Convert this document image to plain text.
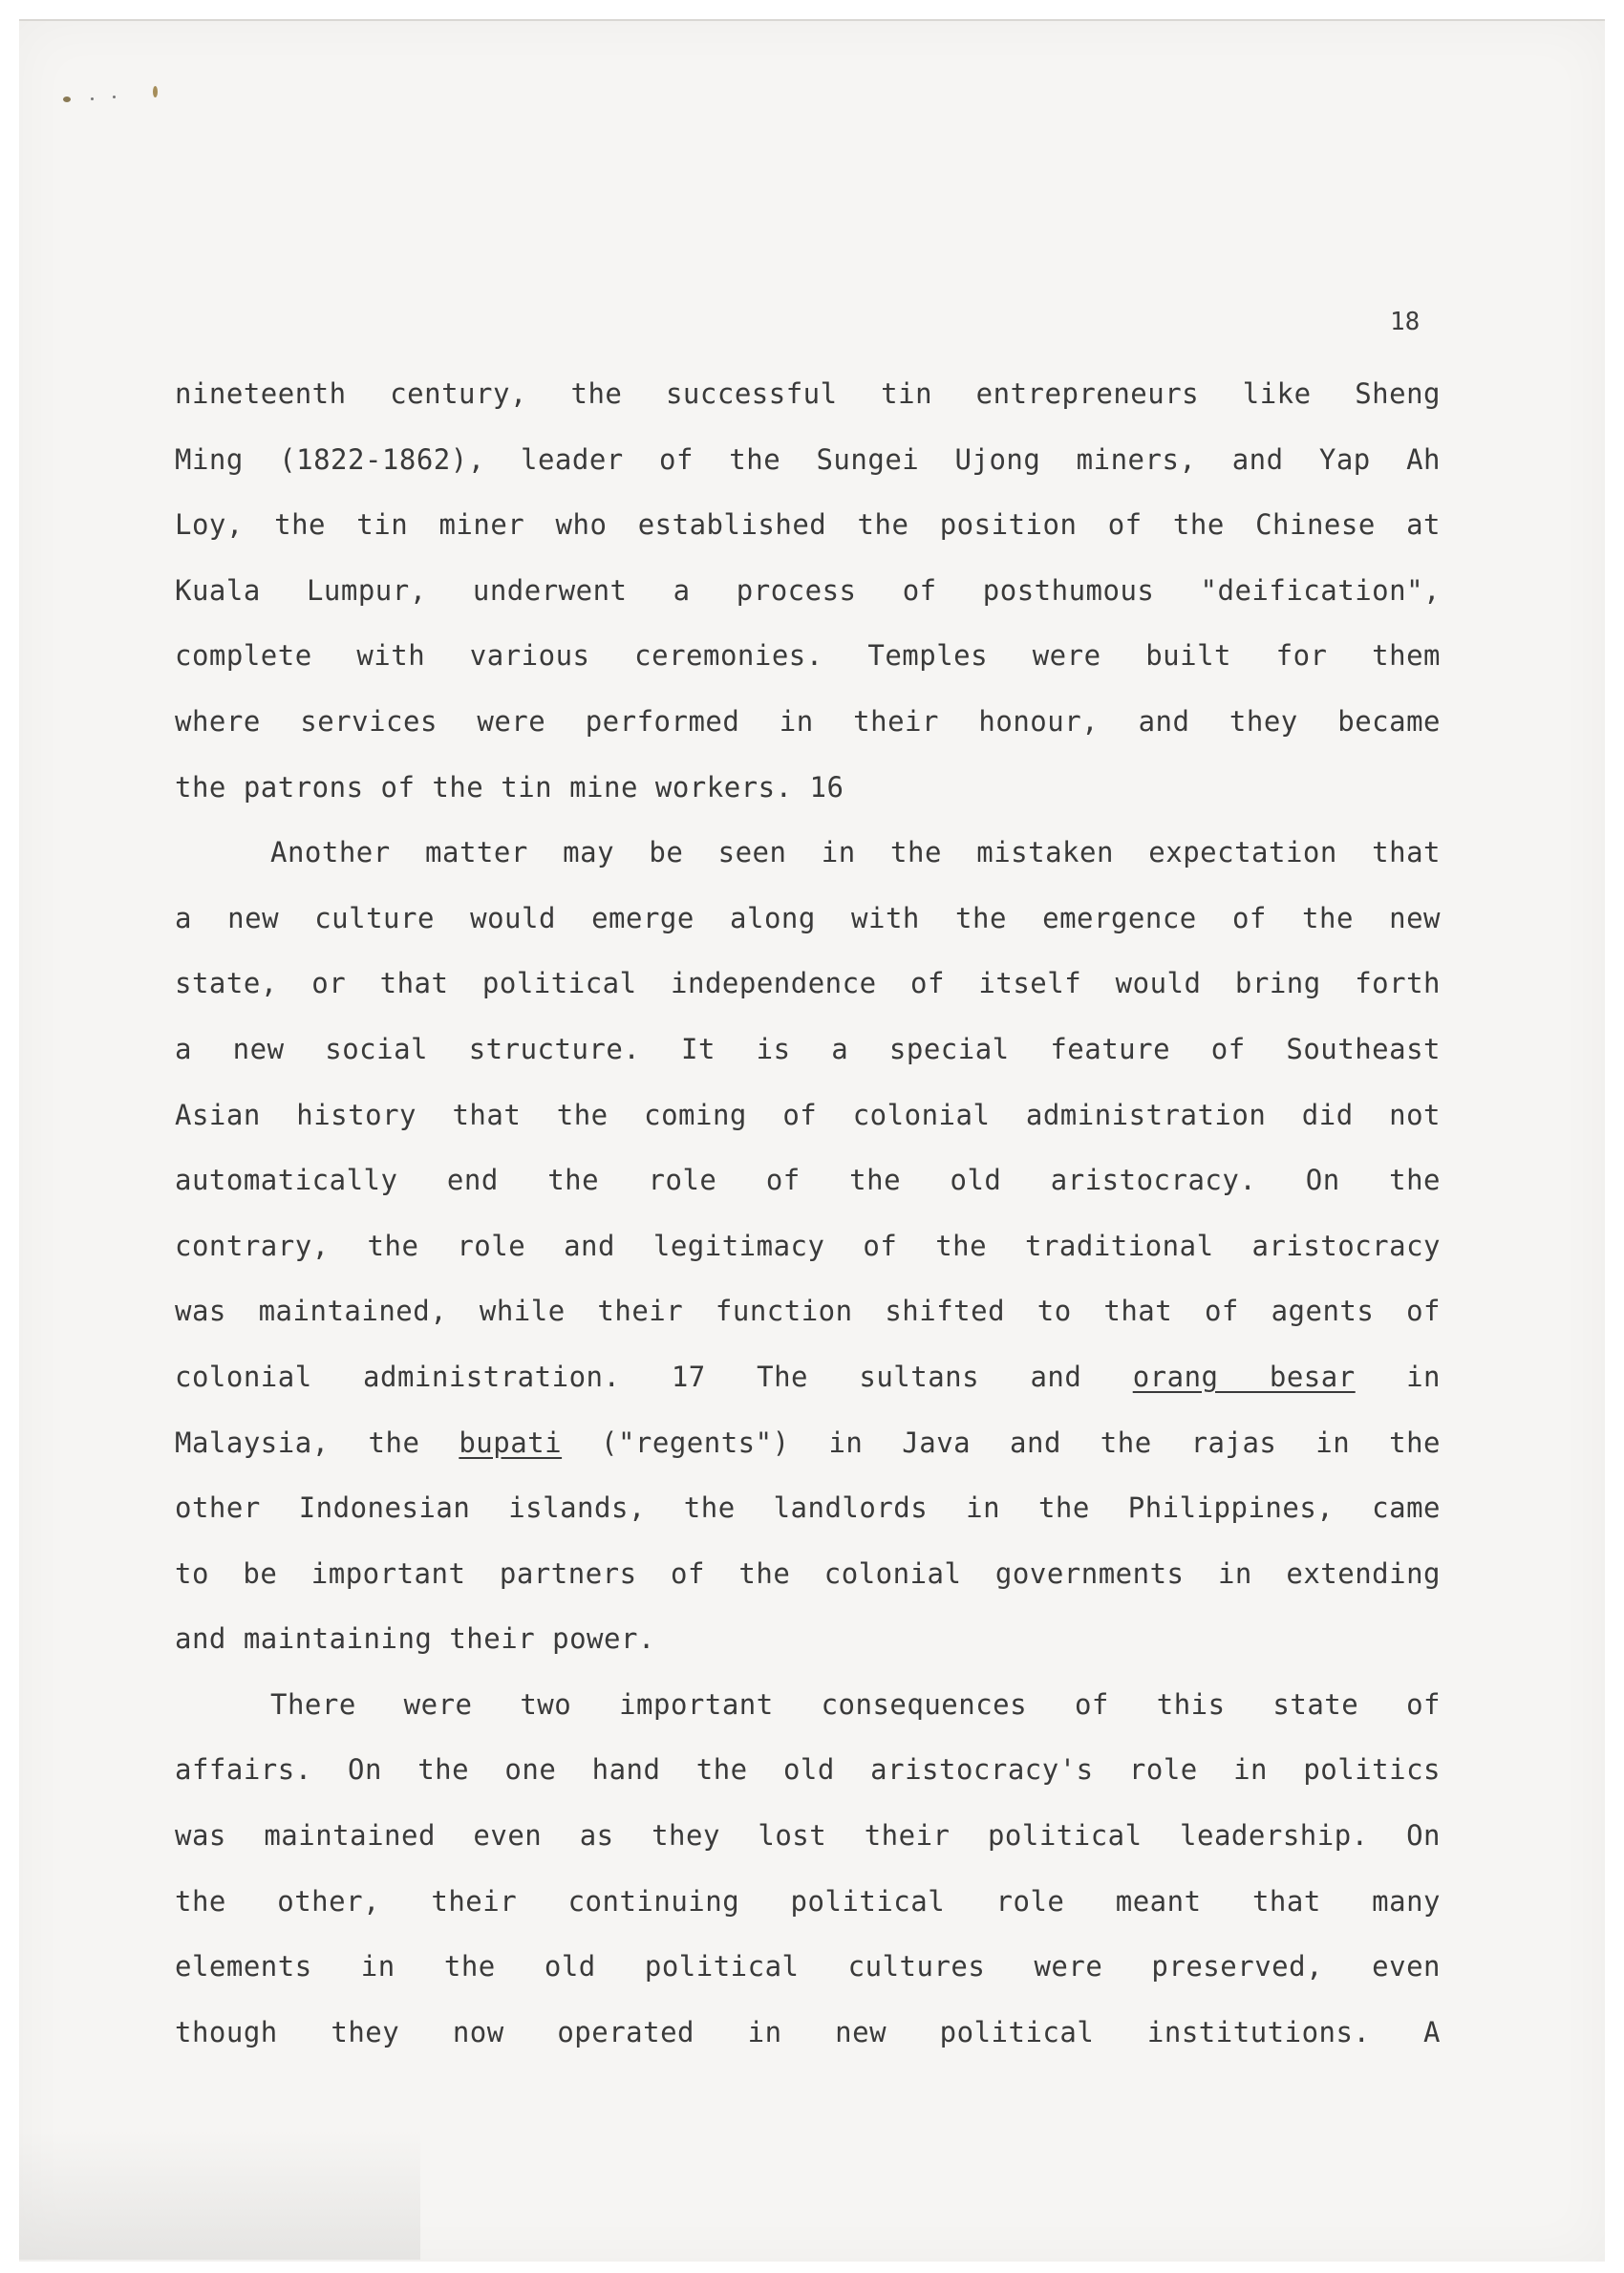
18
nineteenth century, the successful tin entrepreneurs like Sheng
Ming (1822-1862), leader of the Sungei Ujong miners, and Yap Ah
Loy, the tin miner who established the position of the Chinese at
Kuala Lumpur, underwent a process of posthumous "deification",
complete with various ceremonies. Temples were built for them
where services were performed in their honour, and they became
the patrons of the tin mine workers. 16
Another matter may be seen in the mistaken expectation that
a new culture would emerge along with the emergence of the new
state, or that political independence of itself would bring forth
a new social structure. It is a special feature of Southeast
Asian history that the coming of colonial administration did not
automatically end the role of the old aristocracy. On the
contrary, the role and legitimacy of the traditional aristocracy
was maintained, while their function shifted to that of agents of
colonial administration. 17 The sultans and orang besar in
Malaysia, the bupati ("regents") in Java and the rajas in the
other Indonesian islands, the landlords in the Philippines, came
to be important partners of the colonial governments in extending
and maintaining their power.
There were two important consequences of this state of
affairs. On the one hand the old aristocracy's role in politics
was maintained even as they lost their political leadership. On
the other, their continuing political role meant that many
elements in the old political cultures were preserved, even
though they now operated in new political institutions. A
